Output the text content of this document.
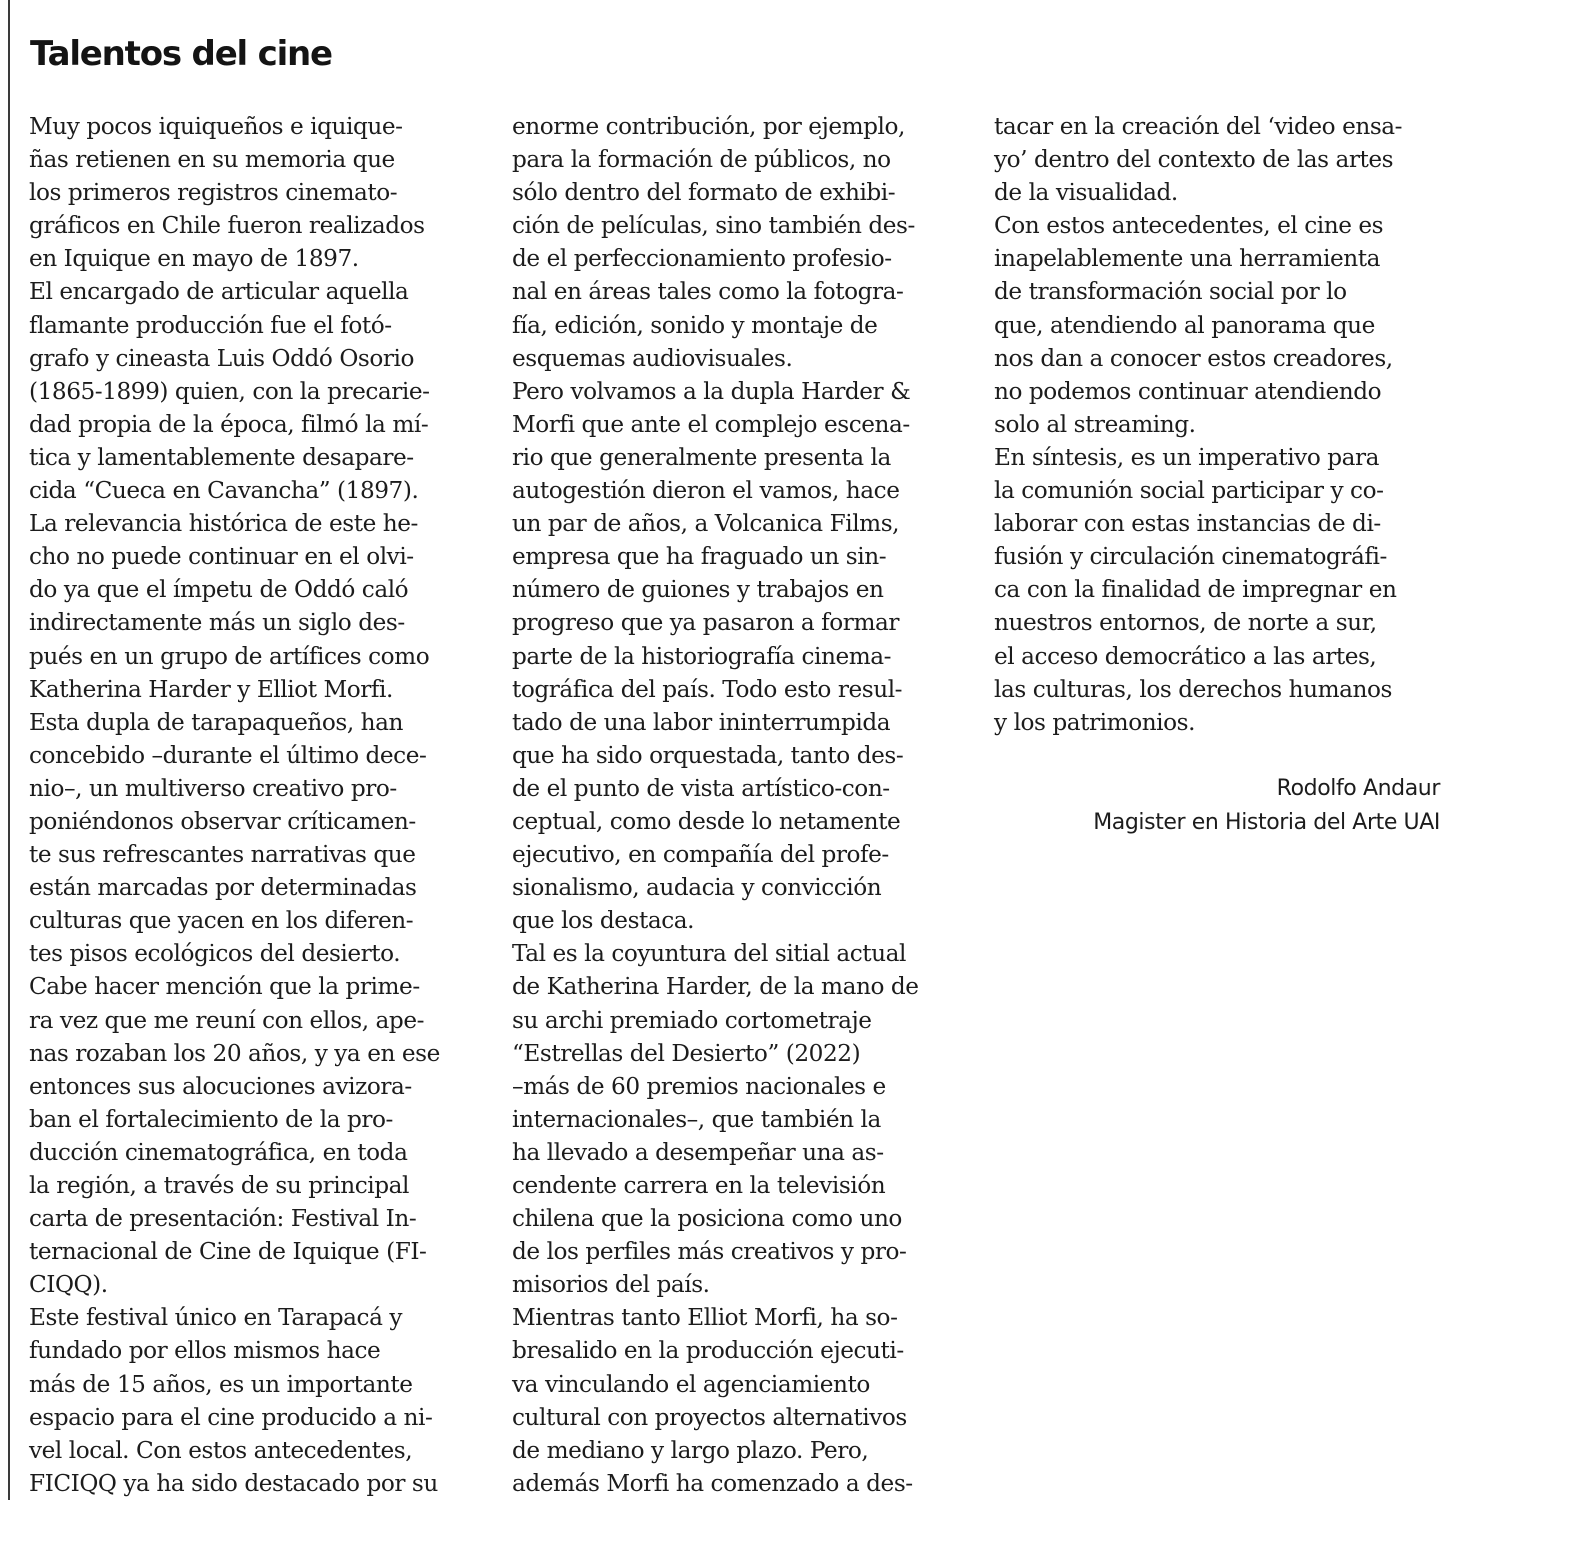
Talentos del cine
Muy pocos iquiqueños e iquique-
ñas retienen en su memoria que
los primeros registros cinemato-
gráficos en Chile fueron realizados
en Iquique en mayo de 1897.
El encargado de articular aquella
flamante producción fue el fotó-
grafo y cineasta Luis Oddó Osorio
(1865-1899) quien, con la precarie-
dad propia de la época, filmó la mí-
tica y lamentablemente desapare-
cida “Cueca en Cavancha” (1897).
La relevancia histórica de este he-
cho no puede continuar en el olvi-
do ya que el ímpetu de Oddó caló
indirectamente más un siglo des-
pués en un grupo de artífices como
Katherina Harder y Elliot Morfi.
Esta dupla de tarapaqueños, han
concebido –durante el último dece-
nio–, un multiverso creativo pro-
poniéndonos observar críticamen-
te sus refrescantes narrativas que
están marcadas por determinadas
culturas que yacen en los diferen-
tes pisos ecológicos del desierto.
Cabe hacer mención que la prime-
ra vez que me reuní con ellos, ape-
nas rozaban los 20 años, y ya en ese
entonces sus alocuciones avizora-
ban el fortalecimiento de la pro-
ducción cinematográfica, en toda
la región, a través de su principal
carta de presentación: Festival In-
ternacional de Cine de Iquique (FI-
CIQQ).
Este festival único en Tarapacá y
fundado por ellos mismos hace
más de 15 años, es un importante
espacio para el cine producido a ni-
vel local. Con estos antecedentes,
FICIQQ ya ha sido destacado por su
enorme contribución, por ejemplo,
para la formación de públicos, no
sólo dentro del formato de exhibi-
ción de películas, sino también des-
de el perfeccionamiento profesio-
nal en áreas tales como la fotogra-
fía, edición, sonido y montaje de
esquemas audiovisuales.
Pero volvamos a la dupla Harder &
Morfi que ante el complejo escena-
rio que generalmente presenta la
autogestión dieron el vamos, hace
un par de años, a Volcanica Films,
empresa que ha fraguado un sin-
número de guiones y trabajos en
progreso que ya pasaron a formar
parte de la historiografía cinema-
tográfica del país. Todo esto resul-
tado de una labor ininterrumpida
que ha sido orquestada, tanto des-
de el punto de vista artístico-con-
ceptual, como desde lo netamente
ejecutivo, en compañía del profe-
sionalismo, audacia y convicción
que los destaca.
Tal es la coyuntura del sitial actual
de Katherina Harder, de la mano de
su archi premiado cortometraje
“Estrellas del Desierto” (2022)
–más de 60 premios nacionales e
internacionales–, que también la
ha llevado a desempeñar una as-
cendente carrera en la televisión
chilena que la posiciona como uno
de los perfiles más creativos y pro-
misorios del país.
Mientras tanto Elliot Morfi, ha so-
bresalido en la producción ejecuti-
va vinculando el agenciamiento
cultural con proyectos alternativos
de mediano y largo plazo. Pero,
además Morfi ha comenzado a des-
tacar en la creación del ‘video ensa-
yo’ dentro del contexto de las artes
de la visualidad.
Con estos antecedentes, el cine es
inapelablemente una herramienta
de transformación social por lo
que, atendiendo al panorama que
nos dan a conocer estos creadores,
no podemos continuar atendiendo
solo al streaming.
En síntesis, es un imperativo para
la comunión social participar y co-
laborar con estas instancias de di-
fusión y circulación cinematográfi-
ca con la finalidad de impregnar en
nuestros entornos, de norte a sur,
el acceso democrático a las artes,
las culturas, los derechos humanos
y los patrimonios.
Rodolfo Andaur
Magister en Historia del Arte UAI
